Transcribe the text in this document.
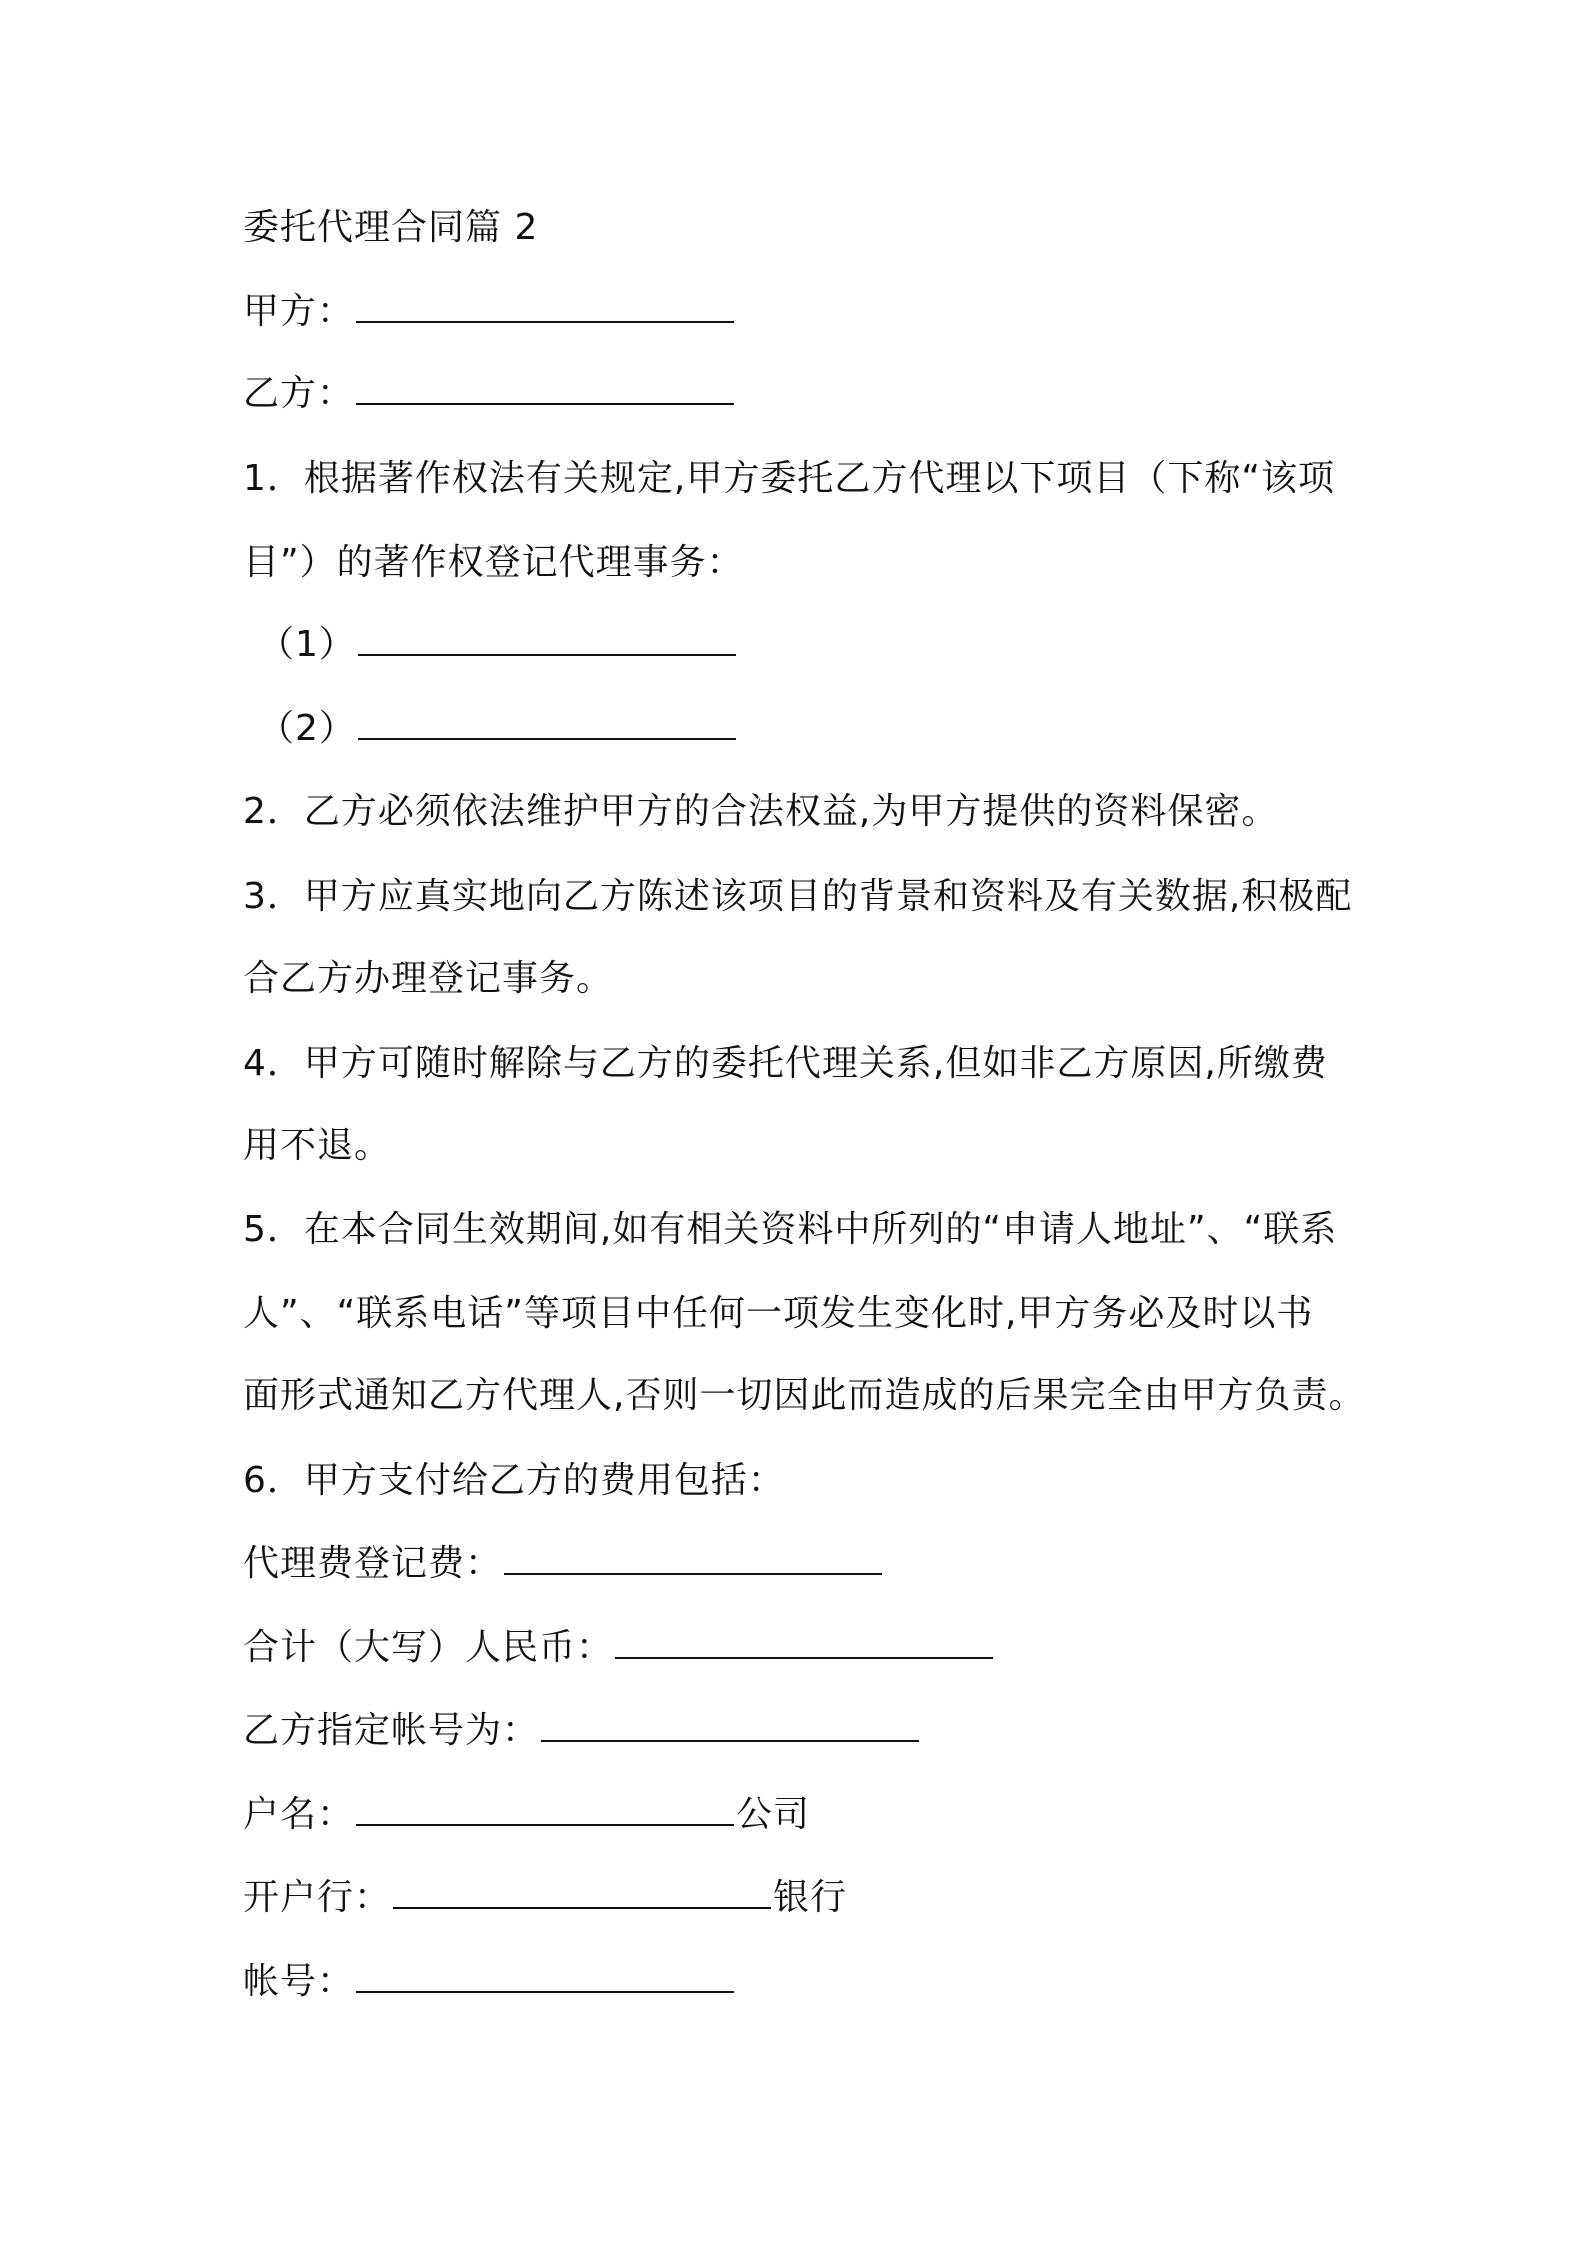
委托代理合同篇 2
甲方：
乙方：
1．根据著作权法有关规定,甲方委托乙方代理以下项目（下称“该项
目”）的著作权登记代理事务：
（1）
（2）
2．乙方必须依法维护甲方的合法权益,为甲方提供的资料保密。
3．甲方应真实地向乙方陈述该项目的背景和资料及有关数据,积极配
合乙方办理登记事务。
4．甲方可随时解除与乙方的委托代理关系,但如非乙方原因,所缴费
用不退。
5．在本合同生效期间,如有相关资料中所列的“申请人地址”、“联系
人”、“联系电话”等项目中任何一项发生变化时,甲方务必及时以书
面形式通知乙方代理人,否则一切因此而造成的后果完全由甲方负责。
6．甲方支付给乙方的费用包括：
代理费登记费：
合计（大写）人民币：
乙方指定帐号为：
户名：	公司
开户行：	银行
帐号：
